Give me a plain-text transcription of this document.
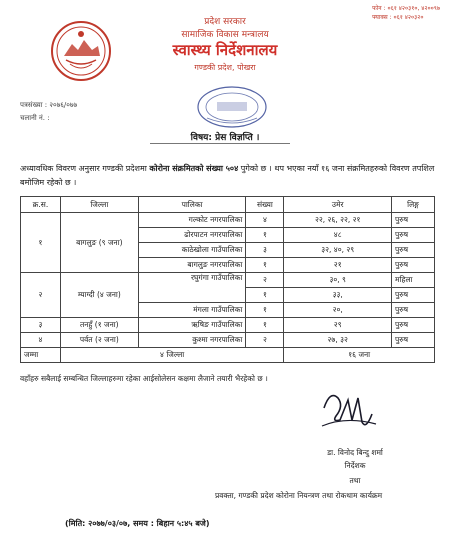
फोन : ०६१ ४२०३१०, ४२००९७
फ्याक्स : ०६१ ४२०३२०
प्रदेश सरकार
सामाजिक विकास मन्त्रालय
स्वास्थ्य निर्देशनालय
गण्डकी प्रदेश, पोखरा
पत्रसंख्या : २०७६/०७७
चलानी नं. :
विषय: प्रेस विज्ञप्ति ।
अध्यावधिक विवरण अनुसार गण्डकी प्रदेशमा कोरोना संक्रमितको संख्या ५०४ पुगेको छ । थप भएका नयाँ १६ जना संक्रमितहरुको विवरण तपशिल बमोजिम रहेको छ ।
क्र.स.	जिल्ला	पालिका	संख्या	उमेर	लिङ्ग
१	बागलुङ (९ जना)	गल्कोट नगरपालिका	४	२२, २६, २२, २१	पुरुष
		ढोरपाटन नगरपालिका	१	४८	पुरुष
		काठेखोला गाउँपालिका	३	३२, ४०, २९	पुरुष
		बागलुङ नगरपालिका	१	२१	पुरुष
२	म्याग्दी (४ जना)	रघुगंगा गाउँपालिका	२	३०, ९	महिला
			१	३३,	पुरुष
		मंगला गाउँपालिका	१	२०,	पुरुष
३	तनहुँ (१ जना)	ऋषिङ गाउँपालिका	१	२९	पुरुष
४	पर्वत (२ जना)	कुश्मा नगरपालिका	२	२७, ३२	पुरुष
जम्मा	४ जिल्ला			१६ जना	
वहाँहरु सबैलाई सम्बन्धित जिल्लाहरुमा रहेका आईसोलेसन कक्षमा लैजाने तयारी भैरहेको छ ।
डा. विनोद बिन्दु शर्मा
निर्देशक
तथा
प्रवक्ता, गण्डकी प्रदेश कोरोना नियन्त्रण तथा रोकथाम कार्यक्रम
(मिति: २०७७/०३/०७, समय : बिहान ५:४५ बजे)
